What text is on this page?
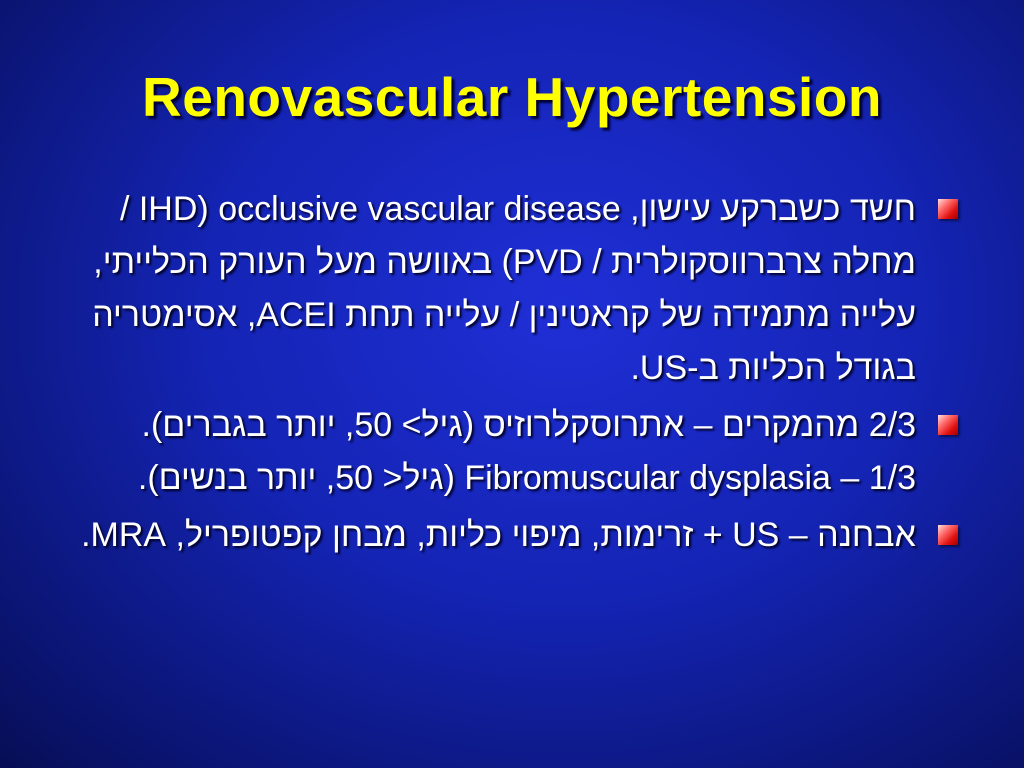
Renovascular Hypertension
חשד כשברקע עישון, occlusive vascular disease (IHD / מחלה צרברווסקולרית / PVD) באוושה מעל העורק הכלייתי, עלייה מתמידה של קראטינין / עלייה תחת ACEI, אסימטריה בגודל הכליות ב-US.
2/3 מהמקרים – אתרוסקלרוזיס (גיל> 50, יותר בגברים). Fibromuscular dysplasia – 1/3 (גיל< 50, יותר בנשים).
אבחנה – US + זרימות, מיפוי כליות, מבחן קפטופריל, MRA.
